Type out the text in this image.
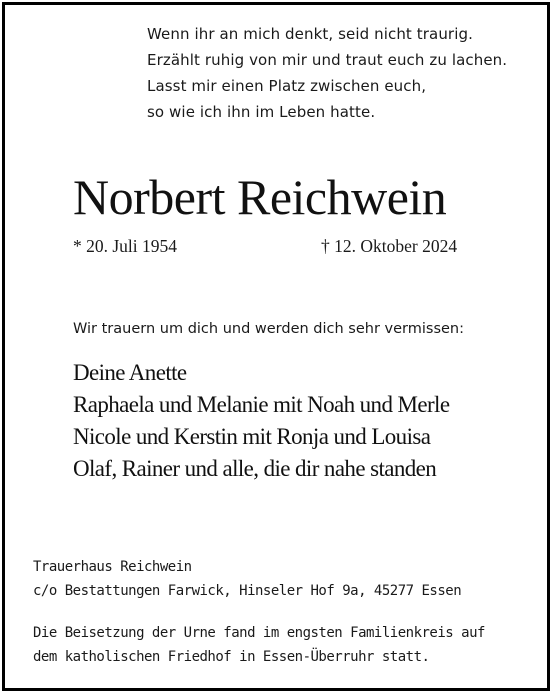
Wenn ihr an mich denkt, seid nicht traurig.
Erzählt ruhig von mir und traut euch zu lachen.
Lasst mir einen Platz zwischen euch,
so wie ich ihn im Leben hatte.
Norbert Reichwein
* 20. Juli 1954	† 12. Oktober 2024
Wir trauern um dich und werden dich sehr vermissen:
Deine Anette
Raphaela und Melanie mit Noah und Merle
Nicole und Kerstin mit Ronja und Louisa
Olaf, Rainer und alle, die dir nahe standen
Trauerhaus Reichwein
c/o Bestattungen Farwick, Hinseler Hof 9a, 45277 Essen
Die Beisetzung der Urne fand im engsten Familienkreis auf
dem katholischen Friedhof in Essen-Überruhr statt.
